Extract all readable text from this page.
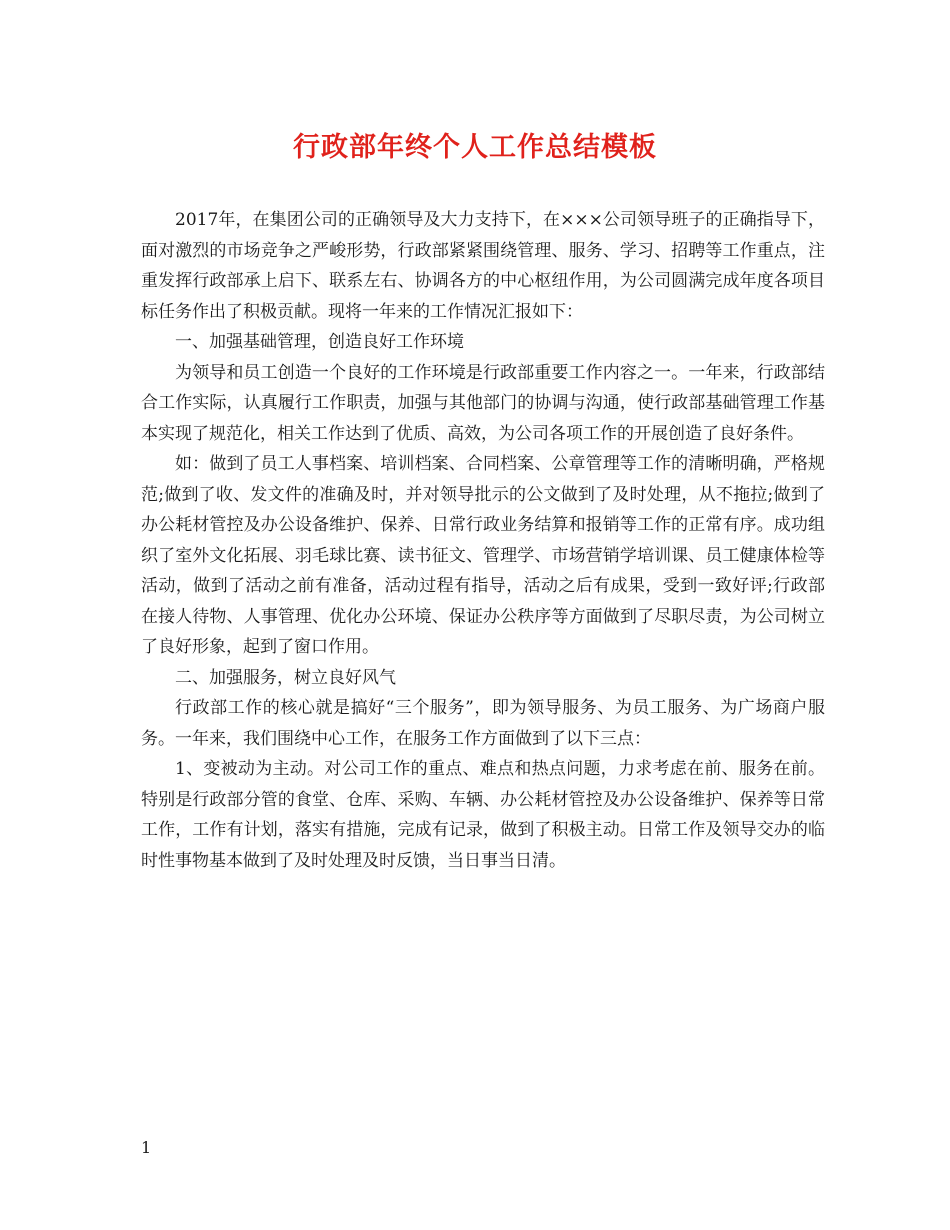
行政部年终个人工作总结模板

2017年，在集团公司的正确领导及大力支持下，在×××公司领导班子的正确指导下，面对激烈的市场竞争之严峻形势，行政部紧紧围绕管理、服务、学习、招聘等工作重点，注重发挥行政部承上启下、联系左右、协调各方的中心枢纽作用，为公司圆满完成年度各项目标任务作出了积极贡献。现将一年来的工作情况汇报如下：

一、加强基础管理，创造良好工作环境

为领导和员工创造一个良好的工作环境是行政部重要工作内容之一。一年来，行政部结合工作实际，认真履行工作职责，加强与其他部门的协调与沟通，使行政部基础管理工作基本实现了规范化，相关工作达到了优质、高效，为公司各项工作的开展创造了良好条件。

如：做到了员工人事档案、培训档案、合同档案、公章管理等工作的清晰明确，严格规范;做到了收、发文件的准确及时，并对领导批示的公文做到了及时处理，从不拖拉;做到了办公耗材管控及办公设备维护、保养、日常行政业务结算和报销等工作的正常有序。成功组织了室外文化拓展、羽毛球比赛、读书征文、管理学、市场营销学培训课、员工健康体检等活动，做到了活动之前有准备，活动过程有指导，活动之后有成果，受到一致好评;行政部在接人待物、人事管理、优化办公环境、保证办公秩序等方面做到了尽职尽责，为公司树立了良好形象，起到了窗口作用。

二、加强服务，树立良好风气

行政部工作的核心就是搞好“三个服务”，即为领导服务、为员工服务、为广场商户服务。一年来，我们围绕中心工作，在服务工作方面做到了以下三点：

1、变被动为主动。对公司工作的重点、难点和热点问题，力求考虑在前、服务在前。特别是行政部分管的食堂、仓库、采购、车辆、办公耗材管控及办公设备维护、保养等日常工作，工作有计划，落实有措施，完成有记录，做到了积极主动。日常工作及领导交办的临时性事物基本做到了及时处理及时反馈，当日事当日清。

1
